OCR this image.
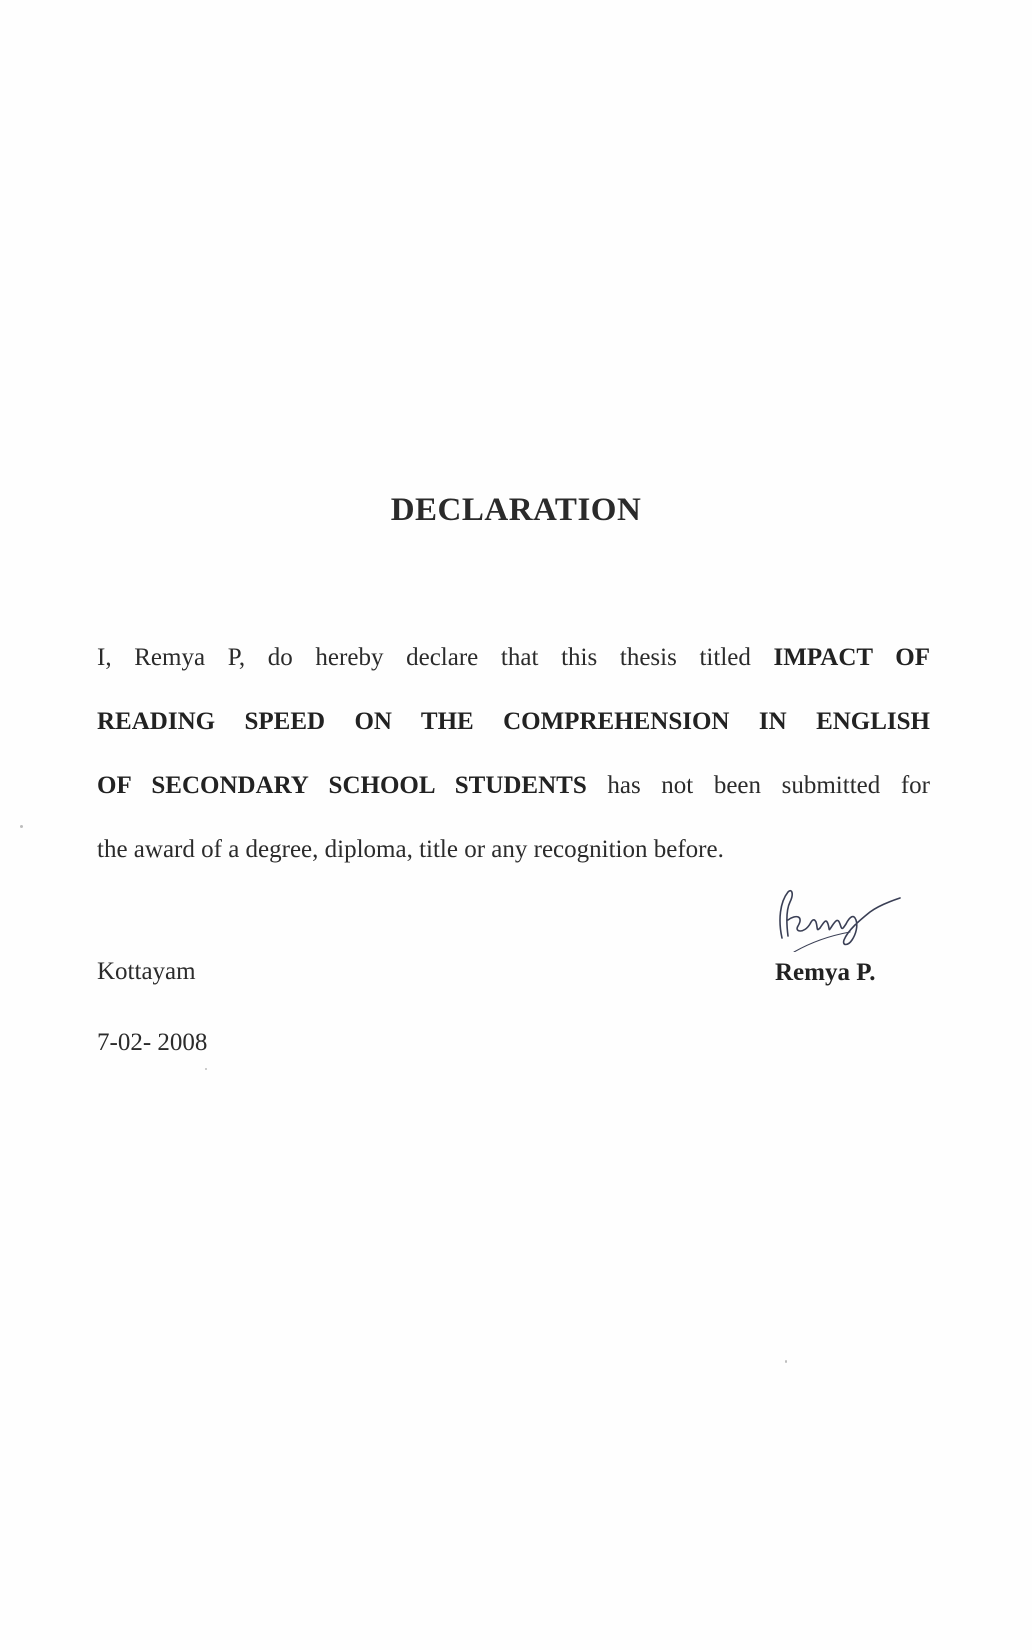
DECLARATION
I, Remya P, do hereby declare that this thesis titled IMPACT OF
READING SPEED ON THE COMPREHENSION IN ENGLISH
OF SECONDARY SCHOOL STUDENTS has not been submitted for
the award of a degree, diploma, title or any recognition before.
Kottayam
7-02- 2008
Remya P.
